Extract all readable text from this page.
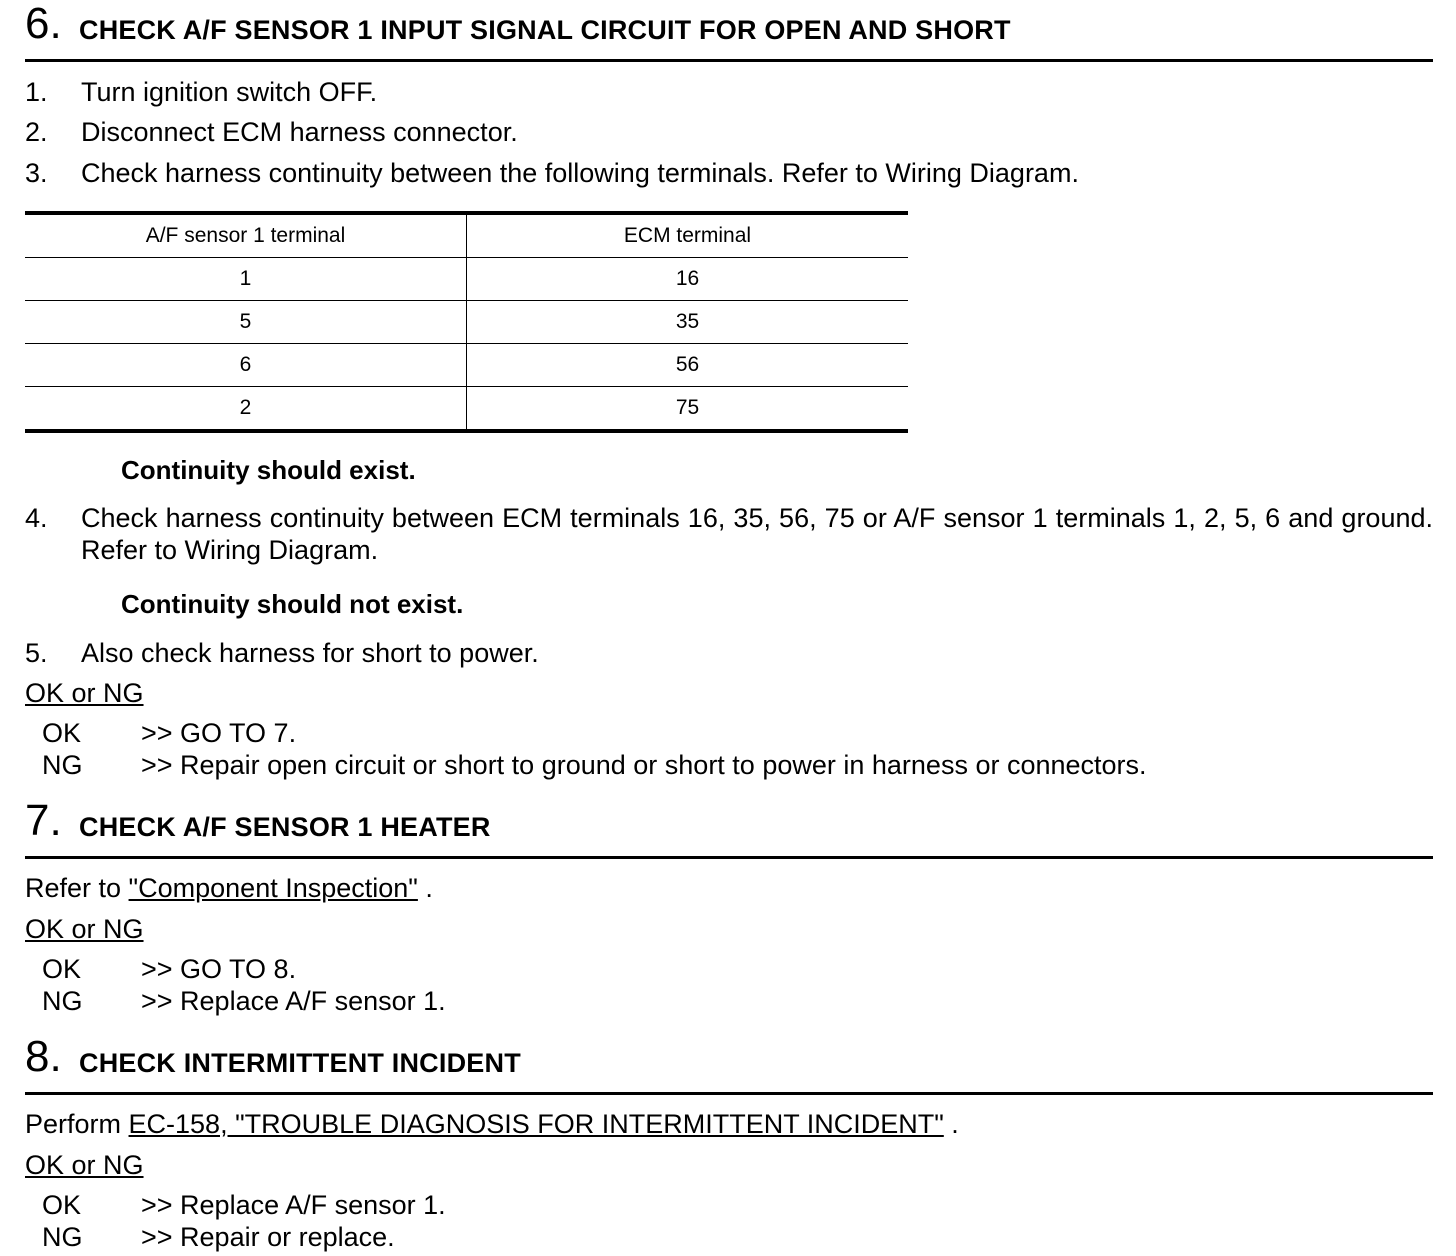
6. CHECK A/F SENSOR 1 INPUT SIGNAL CIRCUIT FOR OPEN AND SHORT
1.	Turn ignition switch OFF.
2.	Disconnect ECM harness connector.
3.	Check harness continuity between the following terminals. Refer to Wiring Diagram.
A/F sensor 1 terminal	ECM terminal
1	16
5	35
6	56
2	75
Continuity should exist.
4.	Check harness continuity between ECM terminals 16, 35, 56, 75 or A/F sensor 1 terminals 1, 2, 5, 6 and ground. Refer to Wiring Diagram.
Continuity should not exist.
5.	Also check harness for short to power.
OK or NG
OK >> GO TO 7.
NG >> Repair open circuit or short to ground or short to power in harness or connectors.
7. CHECK A/F SENSOR 1 HEATER
Refer to "Component Inspection" .
OK or NG
OK >> GO TO 8.
NG >> Replace A/F sensor 1.
8. CHECK INTERMITTENT INCIDENT
Perform EC-158, "TROUBLE DIAGNOSIS FOR INTERMITTENT INCIDENT" .
OK or NG
OK >> Replace A/F sensor 1.
NG >> Repair or replace.
